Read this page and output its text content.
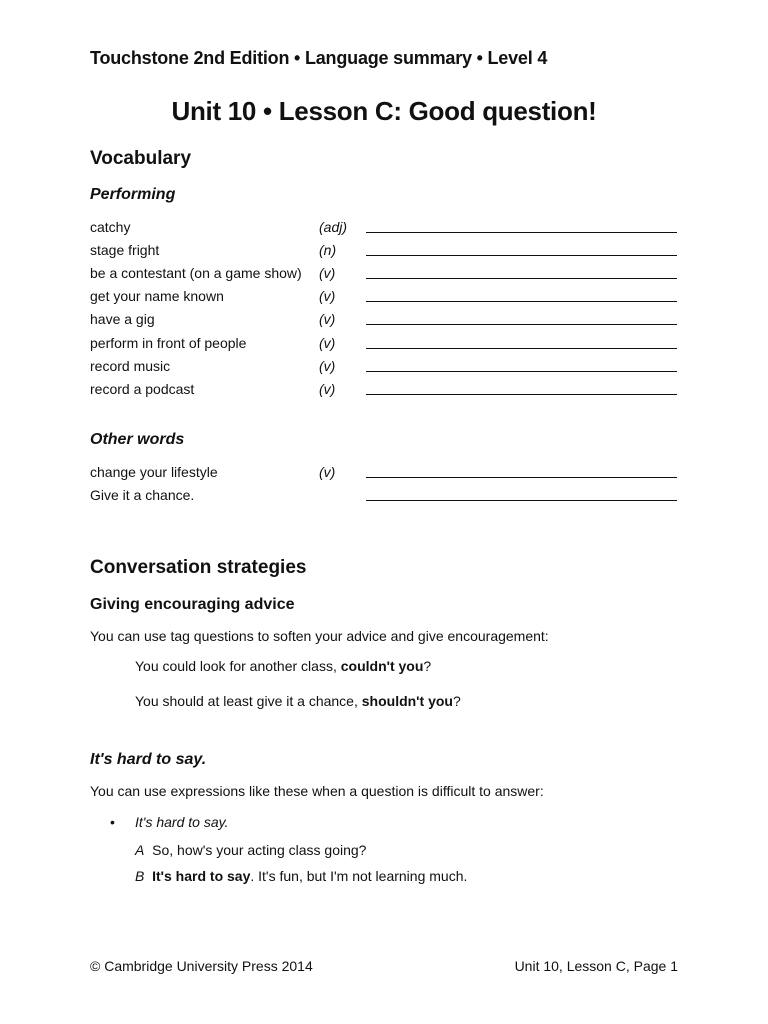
Touchstone 2nd Edition • Language summary • Level 4
Unit 10 • Lesson C: Good question!
Vocabulary
Performing
catchy	(adj)
stage fright	(n)
be a contestant (on a game show) (v)
get your name known	(v)
have a gig	(v)
perform in front of people	(v)
record music	(v)
record a podcast	(v)
Other words
change your lifestyle	(v)
Give it a chance.
Conversation strategies
Giving encouraging advice
You can use tag questions to soften your advice and give encouragement:
You could look for another class, couldn't you?
You should at least give it a chance, shouldn't you?
It's hard to say.
You can use expressions like these when a question is difficult to answer:
• It's hard to say.
A So, how's your acting class going?
B It's hard to say. It's fun, but I'm not learning much.
© Cambridge University Press 2014	Unit 10, Lesson C, Page 1
